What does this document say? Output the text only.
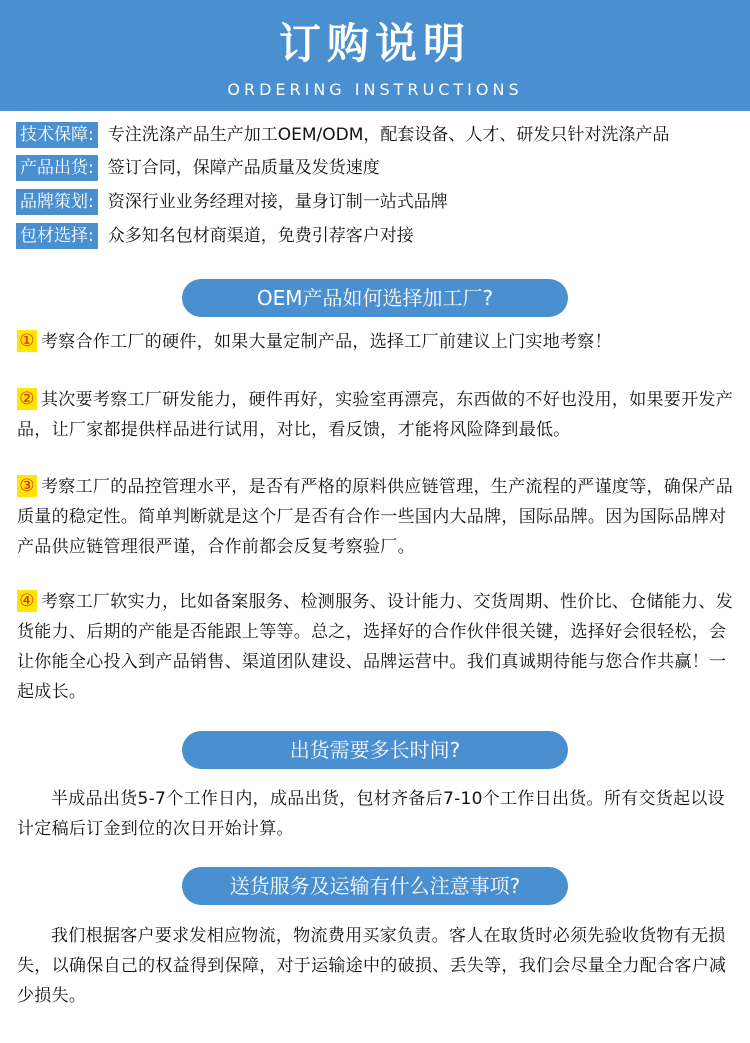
订购说明
ORDERING INSTRUCTIONS
技术保障: 专注洗涤产品生产加工OEM/ODM，配套设备、人才、研发只针对洗涤产品
产品出货: 签订合同，保障产品质量及发货速度
品牌策划: 资深行业业务经理对接，量身订制一站式品牌
包材选择: 众多知名包材商渠道，免费引荐客户对接
OEM产品如何选择加工厂?
① 考察合作工厂的硬件，如果大量定制产品，选择工厂前建议上门实地考察！
② 其次要考察工厂研发能力，硬件再好，实验室再漂亮，东西做的不好也没用，如果要开发产品，让厂家都提供样品进行试用，对比，看反馈，才能将风险降到最低。
③ 考察工厂的品控管理水平，是否有严格的原料供应链管理，生产流程的严谨度等，确保产品质量的稳定性。简单判断就是这个厂是否有合作一些国内大品牌，国际品牌。因为国际品牌对产品供应链管理很严谨，合作前都会反复考察验厂。
④ 考察工厂软实力，比如备案服务、检测服务、设计能力、交货周期、性价比、仓储能力、发货能力、后期的产能是否能跟上等等。总之，选择好的合作伙伴很关键，选择好会很轻松，会让你能全心投入到产品销售、渠道团队建设、品牌运营中。我们真诚期待能与您合作共赢！一起成长。
出货需要多长时间?
半成品出货5-7个工作日内，成品出货，包材齐备后7-10个工作日出货。所有交货起以设计定稿后订金到位的次日开始计算。
送货服务及运输有什么注意事项?
我们根据客户要求发相应物流，物流费用买家负责。客人在取货时必须先验收货物有无损失，以确保自己的权益得到保障，对于运输途中的破损、丢失等，我们会尽量全力配合客户减少损失。
